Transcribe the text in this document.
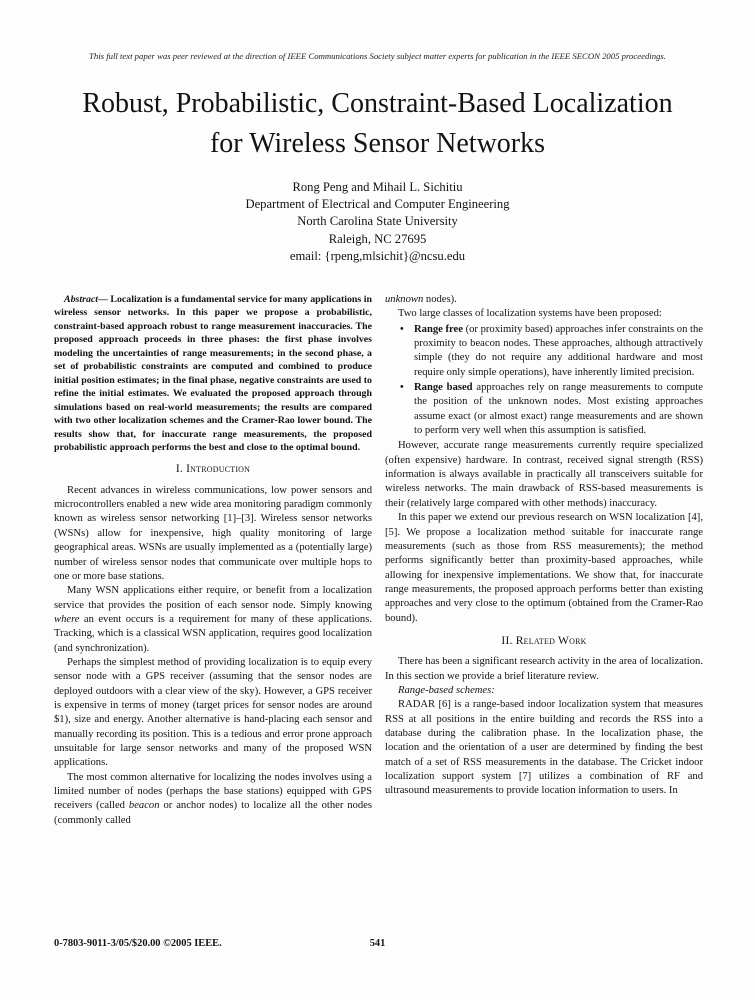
This full text paper was peer reviewed at the direction of IEEE Communications Society subject matter experts for publication in the IEEE SECON 2005 proceedings.
Robust, Probabilistic, Constraint-Based Localization
for Wireless Sensor Networks
Rong Peng and Mihail L. Sichitiu
Department of Electrical and Computer Engineering
North Carolina State University
Raleigh, NC 27695
email: {rpeng,mlsichit}@ncsu.edu

Abstract— Localization is a fundamental service for many applications in wireless sensor networks. In this paper we propose a probabilistic, constraint-based approach robust to range measurement inaccuracies. The proposed approach proceeds in three phases: the first phase involves modeling the uncertainties of range measurements; in the second phase, a set of probabilistic constraints are computed and combined to produce initial position estimates; in the final phase, negative constraints are used to refine the initial estimates. We evaluated the proposed approach through simulations based on real-world measurements; the results are compared with two other localization schemes and the Cramer-Rao lower bound. The results show that, for inaccurate range measurements, the proposed probabilistic approach performs the best and close to the optimal bound.

I. Introduction

Recent advances in wireless communications, low power sensors and microcontrollers enabled a new wide area monitoring paradigm commonly known as wireless sensor networking [1]–[3]. Wireless sensor networks (WSNs) allow for inexpensive, high quality monitoring of large geographical areas. WSNs are usually implemented as a (potentially large) number of wireless sensor nodes that communicate over multiple hops to one or more base stations.

Many WSN applications either require, or benefit from a localization service that provides the position of each sensor node. Simply knowing where an event occurs is a requirement for many of these applications. Tracking, which is a classical WSN application, requires good localization (and synchronization).

Perhaps the simplest method of providing localization is to equip every sensor node with a GPS receiver (assuming that the sensor nodes are deployed outdoors with a clear view of the sky). However, a GPS receiver is expensive in terms of money (target prices for sensor nodes are around $1), size and energy. Another alternative is hand-placing each sensor and manually recording its position. This is a tedious and error prone approach unsuitable for large sensor networks and many of the proposed WSN applications.

The most common alternative for localizing the nodes involves using a limited number of nodes (perhaps the base stations) equipped with GPS receivers (called beacon or anchor nodes) to localize all the other nodes (commonly called

unknown nodes).

Two large classes of localization systems have been proposed:

• Range free (or proximity based) approaches infer constraints on the proximity to beacon nodes. These approaches, although attractively simple (they do not require any additional hardware and most require only simple operations), have inherently limited precision.
• Range based approaches rely on range measurements to compute the position of the unknown nodes. Most existing approaches assume exact (or almost exact) range measurements and are shown to perform very well when this assumption is satisfied.

However, accurate range measurements currently require specialized (often expensive) hardware. In contrast, received signal strength (RSS) information is always available in practically all transceivers suitable for wireless networks. The main drawback of RSS-based measurements is their (relatively large compared with other methods) inaccuracy.

In this paper we extend our previous research on WSN localization [4], [5]. We propose a localization method suitable for inaccurate range measurements (such as those from RSS measurements); the method performs significantly better than proximity-based approaches, while allowing for inexpensive implementations. We show that, for inaccurate range measurements, the proposed approach performs better than existing approaches and very close to the optimum (obtained from the Cramer-Rao bound).

II. Related Work

There has been a significant research activity in the area of localization. In this section we provide a brief literature review.

Range-based schemes:

RADAR [6] is a range-based indoor localization system that measures RSS at all positions in the entire building and records the RSS into a database during the calibration phase. In the localization phase, the location and the orientation of a user are determined by finding the best match of a set of RSS measurements in the database. The Cricket indoor localization support system [7] utilizes a combination of RF and ultrasound measurements to provide location information to users. In

0-7803-9011-3/05/$20.00 ©2005 IEEE.	541
